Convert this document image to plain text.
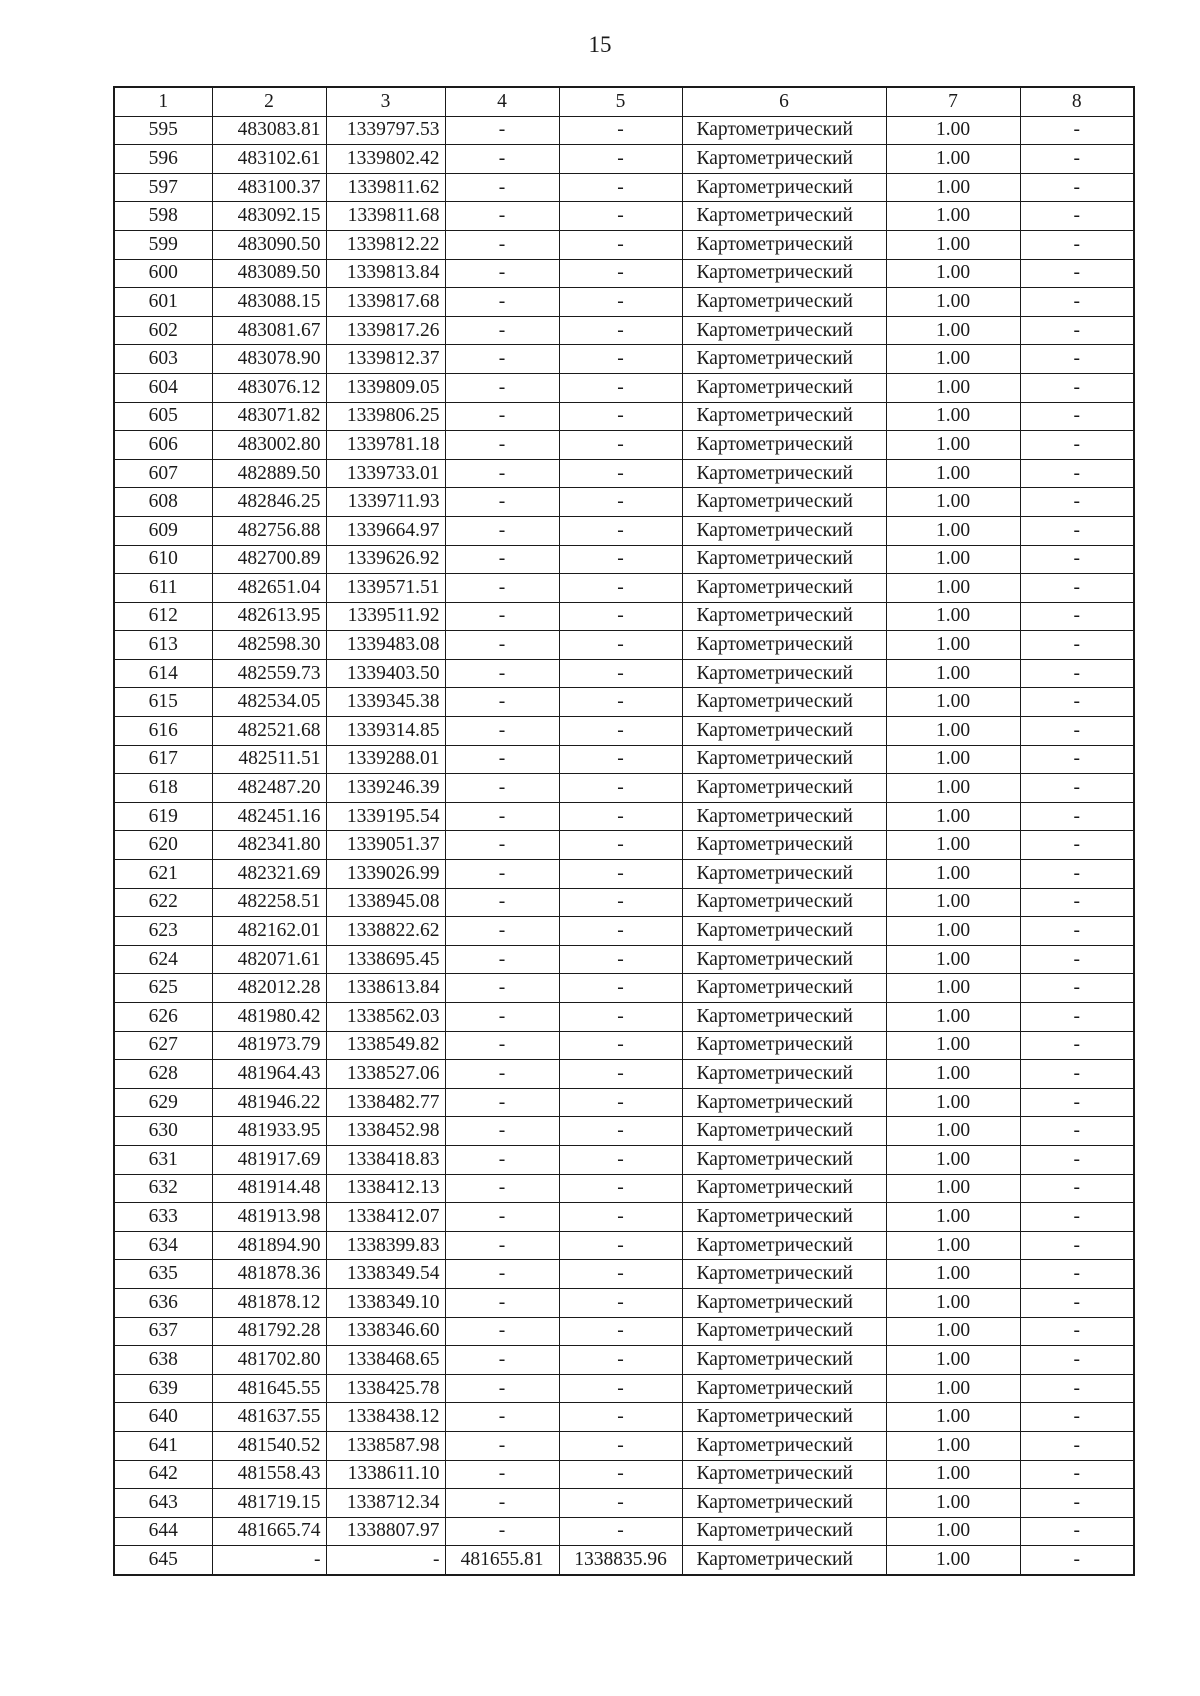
15
1	2	3	4	5	6	7	8
595	483083.81	1339797.53	-	-	Картометрический	1.00	-
596	483102.61	1339802.42	-	-	Картометрический	1.00	-
597	483100.37	1339811.62	-	-	Картометрический	1.00	-
598	483092.15	1339811.68	-	-	Картометрический	1.00	-
599	483090.50	1339812.22	-	-	Картометрический	1.00	-
600	483089.50	1339813.84	-	-	Картометрический	1.00	-
601	483088.15	1339817.68	-	-	Картометрический	1.00	-
602	483081.67	1339817.26	-	-	Картометрический	1.00	-
603	483078.90	1339812.37	-	-	Картометрический	1.00	-
604	483076.12	1339809.05	-	-	Картометрический	1.00	-
605	483071.82	1339806.25	-	-	Картометрический	1.00	-
606	483002.80	1339781.18	-	-	Картометрический	1.00	-
607	482889.50	1339733.01	-	-	Картометрический	1.00	-
608	482846.25	1339711.93	-	-	Картометрический	1.00	-
609	482756.88	1339664.97	-	-	Картометрический	1.00	-
610	482700.89	1339626.92	-	-	Картометрический	1.00	-
611	482651.04	1339571.51	-	-	Картометрический	1.00	-
612	482613.95	1339511.92	-	-	Картометрический	1.00	-
613	482598.30	1339483.08	-	-	Картометрический	1.00	-
614	482559.73	1339403.50	-	-	Картометрический	1.00	-
615	482534.05	1339345.38	-	-	Картометрический	1.00	-
616	482521.68	1339314.85	-	-	Картометрический	1.00	-
617	482511.51	1339288.01	-	-	Картометрический	1.00	-
618	482487.20	1339246.39	-	-	Картометрический	1.00	-
619	482451.16	1339195.54	-	-	Картометрический	1.00	-
620	482341.80	1339051.37	-	-	Картометрический	1.00	-
621	482321.69	1339026.99	-	-	Картометрический	1.00	-
622	482258.51	1338945.08	-	-	Картометрический	1.00	-
623	482162.01	1338822.62	-	-	Картометрический	1.00	-
624	482071.61	1338695.45	-	-	Картометрический	1.00	-
625	482012.28	1338613.84	-	-	Картометрический	1.00	-
626	481980.42	1338562.03	-	-	Картометрический	1.00	-
627	481973.79	1338549.82	-	-	Картометрический	1.00	-
628	481964.43	1338527.06	-	-	Картометрический	1.00	-
629	481946.22	1338482.77	-	-	Картометрический	1.00	-
630	481933.95	1338452.98	-	-	Картометрический	1.00	-
631	481917.69	1338418.83	-	-	Картометрический	1.00	-
632	481914.48	1338412.13	-	-	Картометрический	1.00	-
633	481913.98	1338412.07	-	-	Картометрический	1.00	-
634	481894.90	1338399.83	-	-	Картометрический	1.00	-
635	481878.36	1338349.54	-	-	Картометрический	1.00	-
636	481878.12	1338349.10	-	-	Картометрический	1.00	-
637	481792.28	1338346.60	-	-	Картометрический	1.00	-
638	481702.80	1338468.65	-	-	Картометрический	1.00	-
639	481645.55	1338425.78	-	-	Картометрический	1.00	-
640	481637.55	1338438.12	-	-	Картометрический	1.00	-
641	481540.52	1338587.98	-	-	Картометрический	1.00	-
642	481558.43	1338611.10	-	-	Картометрический	1.00	-
643	481719.15	1338712.34	-	-	Картометрический	1.00	-
644	481665.74	1338807.97	-	-	Картометрический	1.00	-
645	-	-	481655.81	1338835.96	Картометрический	1.00	-
